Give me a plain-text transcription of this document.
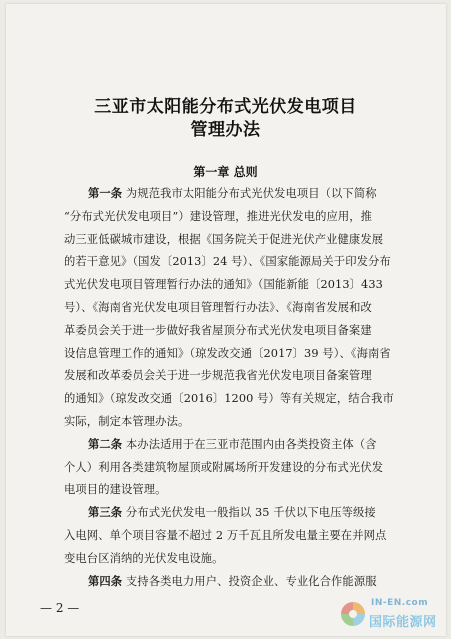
三亚市太阳能分布式光伏发电项目
管理办法
第一章 总则
第一条 为规范我市太阳能分布式光伏发电项目（以下简称
“分布式光伏发电项目”）建设管理，推进光伏发电的应用，推
动三亚低碳城市建设，根据《国务院关于促进光伏产业健康发展
的若干意见》（国发〔2013〕24 号）、《国家能源局关于印发分布
式光伏发电项目管理暂行办法的通知》（国能新能〔2013〕433
号）、《海南省光伏发电项目管理暂行办法》、《海南省发展和改
革委员会关于进一步做好我省屋顶分布式光伏发电项目备案建
设信息管理工作的通知》（琼发改交通〔2017〕39 号）、《海南省
发展和改革委员会关于进一步规范我省光伏发电项目备案管理
的通知》（琼发改交通〔2016〕1200 号）等有关规定，结合我市
实际，制定本管理办法。
第二条 本办法适用于在三亚市范围内由各类投资主体（含
个人）利用各类建筑物屋顶或附属场所开发建设的分布式光伏发
电项目的建设管理。
第三条 分布式光伏发电一般指以 35 千伏以下电压等级接
入电网、单个项目容量不超过 2 万千瓦且所发电量主要在并网点
变电台区消纳的光伏发电设施。
第四条 支持各类电力用户、投资企业、专业化合作能源服
— 2 —	IN-EN.com
国际能源网
